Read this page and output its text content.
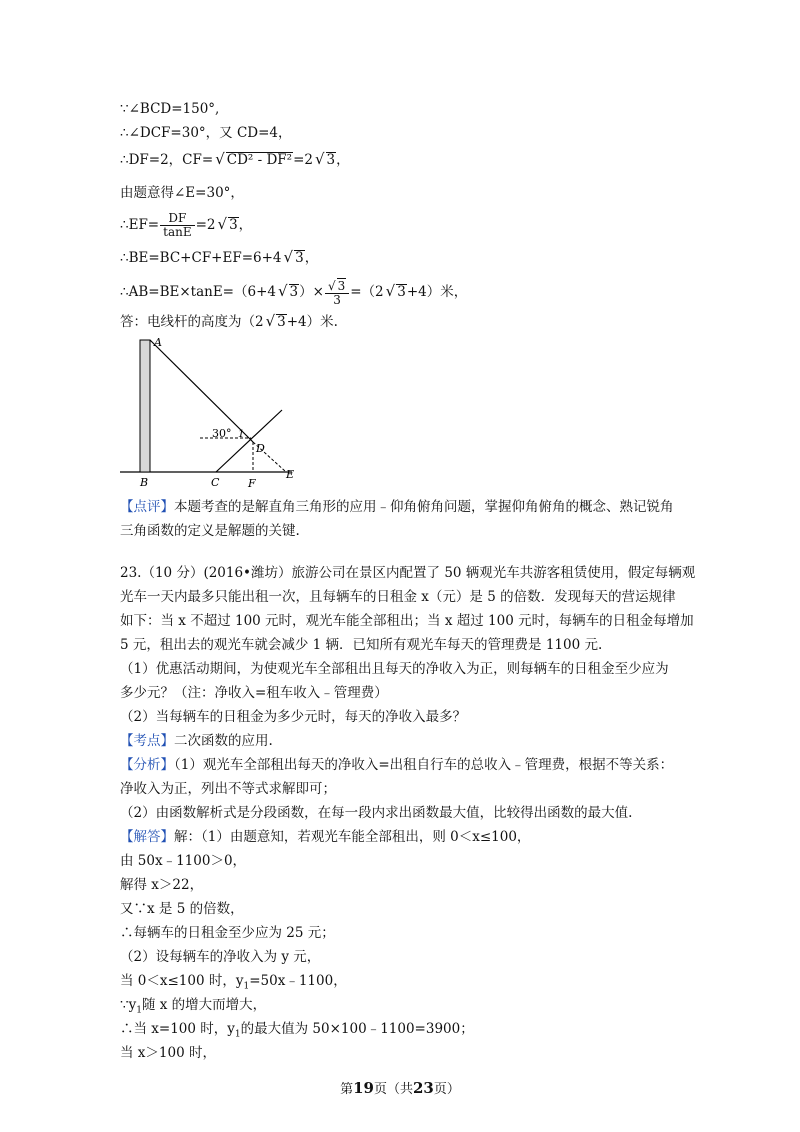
∵∠BCD=150°,
∴∠DCF=30°，又 CD=4，
∴DF=2，CF= √ CD² - DF²=2 √ 3，
由题意得∠E=30°，
∴EF= $\frac{DF}{\tan E} =2$ √ 3，
∴BE=BC+CF+EF=6+4 √ 3，
∴AB=BE×tanE=（6+4 √ $3)\times \frac{√ 3}{3} =(2$ √ 3+4）米，
答：电线杆的高度为（2 √ 3+4）米.
A
B	C
D
E
F
30° 1
【点评】本题考查的是解直角三角形的应用﹣仰角俯角问题，掌握仰角俯角的概念、熟记锐角
三角函数的定义是解题的关键.
23.（10 分）(2016•潍坊）旅游公司在景区内配置了 50 辆观光车共游客租赁使用，假定每辆观
光车一天内最多只能出租一次，且每辆车的日租金 x（元）是 5 的倍数．发现每天的营运规律
如下：当 x 不超过 100 元时，观光车能全部租出；当 x 超过 100 元时，每辆车的日租金每增加
5 元，租出去的观光车就会减少 1 辆．已知所有观光车每天的管理费是 1100 元.
（1）优惠活动期间，为使观光车全部租出且每天的净收入为正，则每辆车的日租金至少应为
多少元？（注：净收入=租车收入﹣管理费）
（2）当每辆车的日租金为多少元时，每天的净收入最多？
【考点】二次函数的应用.
【分析】（1）观光车全部租出每天的净收入=出租自行车的总收入﹣管理费，根据不等关系：
净收入为正，列出不等式求解即可；
（2）由函数解析式是分段函数，在每一段内求出函数最大值，比较得出函数的最大值.
【解答】解：（1）由题意知，若观光车能全部租出，则 0＜x≤100，
由 50x﹣1100＞0，
解得 x＞22，
又∵x 是 5 的倍数，
∴每辆车的日租金至少应为 25 元；
（2）设每辆车的净收入为 y 元，
当 0＜x≤100 时，$y_1=50x﹣1100$，
$\because y_1$随 x 的增大而增大，
∴当 x=100 时，$y_1$的最大值为 50×100﹣1100=3900；
当 x＞100 时，
第19页（共23页）
